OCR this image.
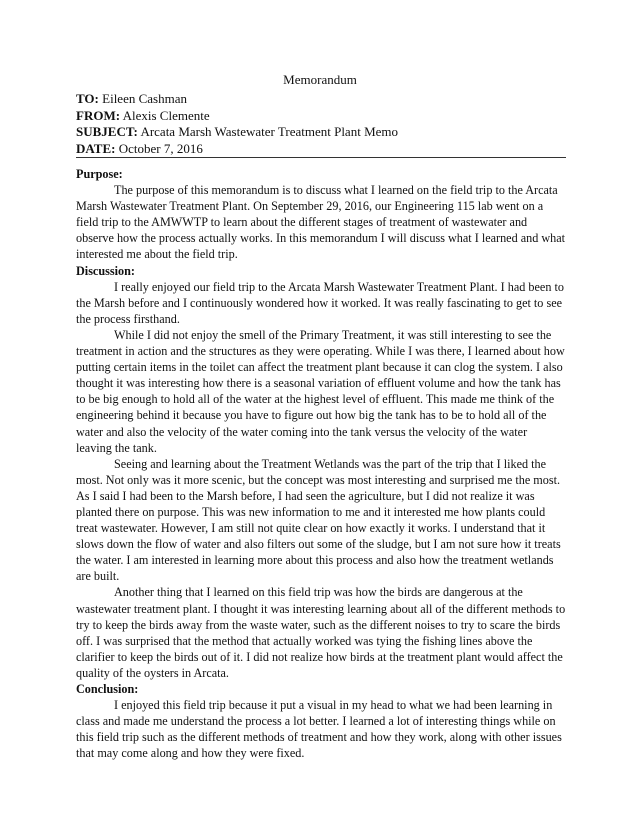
Memorandum
TO: Eileen Cashman
FROM: Alexis Clemente
SUBJECT: Arcata Marsh Wastewater Treatment Plant Memo
DATE: October 7, 2016
Purpose:

The purpose of this memorandum is to discuss what I learned on the field trip to the Arcata Marsh Wastewater Treatment Plant. On September 29, 2016, our Engineering 115 lab went on a field trip to the AMWWTP to learn about the different stages of treatment of wastewater and observe how the process actually works. In this memorandum I will discuss what I learned and what interested me about the field trip.

Discussion:

I really enjoyed our field trip to the Arcata Marsh Wastewater Treatment Plant. I had been to the Marsh before and I continuously wondered how it worked. It was really fascinating to get to see the process firsthand.

While I did not enjoy the smell of the Primary Treatment, it was still interesting to see the treatment in action and the structures as they were operating. While I was there, I learned about how putting certain items in the toilet can affect the treatment plant because it can clog the system. I also thought it was interesting how there is a seasonal variation of effluent volume and how the tank has to be big enough to hold all of the water at the highest level of effluent. This made me think of the engineering behind it because you have to figure out how big the tank has to be to hold all of the water and also the velocity of the water coming into the tank versus the velocity of the water leaving the tank.

Seeing and learning about the Treatment Wetlands was the part of the trip that I liked the most. Not only was it more scenic, but the concept was most interesting and surprised me the most. As I said I had been to the Marsh before, I had seen the agriculture, but I did not realize it was planted there on purpose. This was new information to me and it interested me how plants could treat wastewater. However, I am still not quite clear on how exactly it works. I understand that it slows down the flow of water and also filters out some of the sludge, but I am not sure how it treats the water. I am interested in learning more about this process and also how the treatment wetlands are built.

Another thing that I learned on this field trip was how the birds are dangerous at the wastewater treatment plant. I thought it was interesting learning about all of the different methods to try to keep the birds away from the waste water, such as the different noises to try to scare the birds off. I was surprised that the method that actually worked was tying the fishing lines above the clarifier to keep the birds out of it. I did not realize how birds at the treatment plant would affect the quality of the oysters in Arcata.

Conclusion:

I enjoyed this field trip because it put a visual in my head to what we had been learning in class and made me understand the process a lot better. I learned a lot of interesting things while on this field trip such as the different methods of treatment and how they work, along with other issues that may come along and how they were fixed.
